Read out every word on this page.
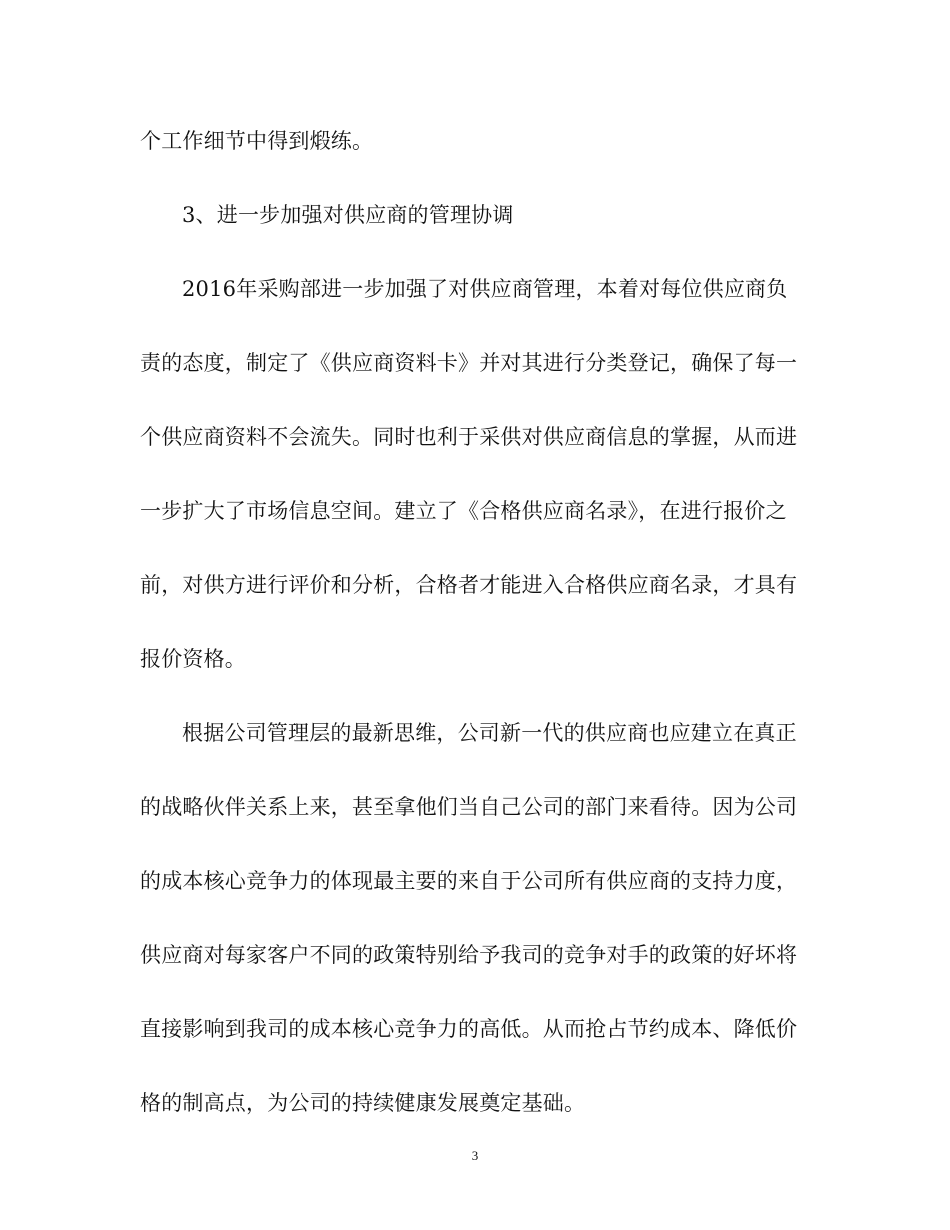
个工作细节中得到煅练。
3、进一步加强对供应商的管理协调
2016年采购部进一步加强了对供应商管理，本着对每位供应商负
责的态度，制定了《供应商资料卡》并对其进行分类登记，确保了每一
个供应商资料不会流失。同时也利于采供对供应商信息的掌握，从而进
一步扩大了市场信息空间。建立了《合格供应商名录》，在进行报价之
前，对供方进行评价和分析，合格者才能进入合格供应商名录，才具有
报价资格。
根据公司管理层的最新思维，公司新一代的供应商也应建立在真正
的战略伙伴关系上来，甚至拿他们当自己公司的部门来看待。因为公司
的成本核心竞争力的体现最主要的来自于公司所有供应商的支持力度，
供应商对每家客户不同的政策特别给予我司的竞争对手的政策的好坏将
直接影响到我司的成本核心竞争力的高低。从而抢占节约成本、降低价
格的制高点，为公司的持续健康发展奠定基础。
3
